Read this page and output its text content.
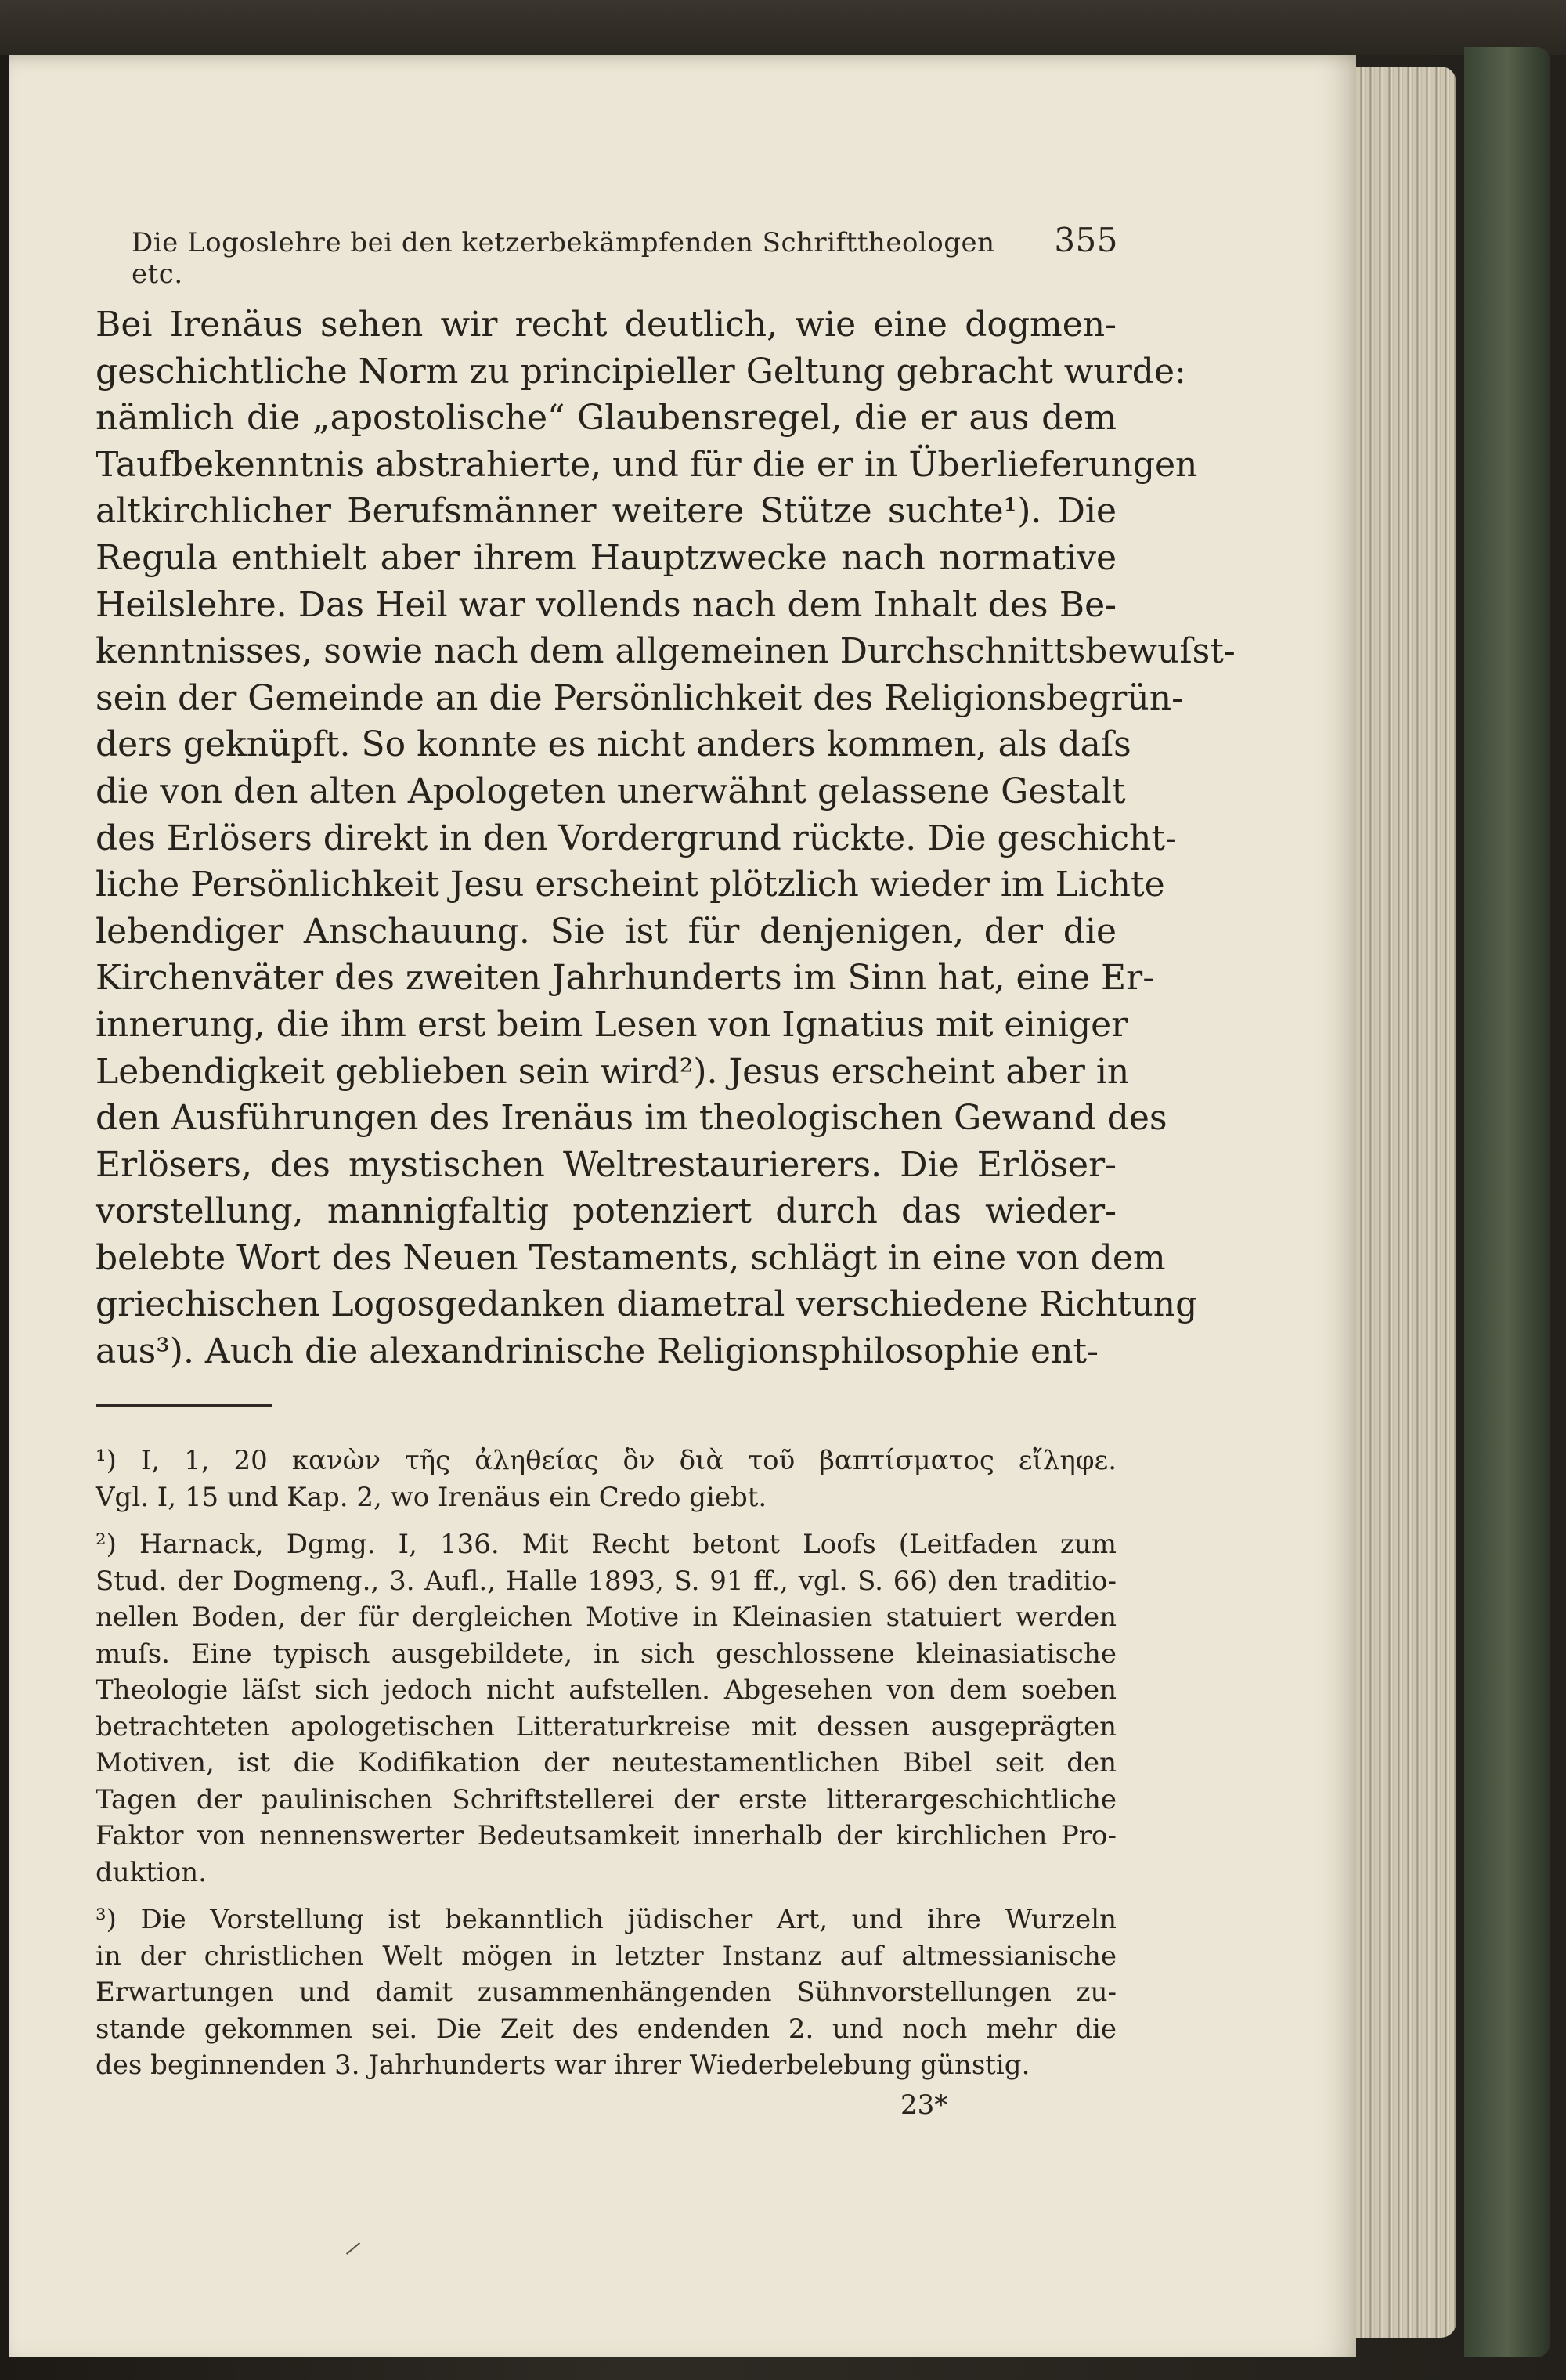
Die Logoslehre bei den ketzerbekämpfenden Schrifttheologen etc.
355
Bei Irenäus sehen wir recht deutlich, wie eine dogmen-
geschichtliche Norm zu principieller Geltung gebracht wurde:
nämlich die „apostolische“ Glaubensregel, die er aus dem
Taufbekenntnis abstrahierte, und für die er in Überlieferungen
altkirchlicher Berufsmänner weitere Stütze suchte¹). Die
Regula enthielt aber ihrem Hauptzwecke nach normative
Heilslehre. Das Heil war vollends nach dem Inhalt des Be-
kenntnisses, sowie nach dem allgemeinen Durchschnittsbewuſst-
sein der Gemeinde an die Persönlichkeit des Religionsbegrün-
ders geknüpft. So konnte es nicht anders kommen, als daſs
die von den alten Apologeten unerwähnt gelassene Gestalt
des Erlösers direkt in den Vordergrund rückte. Die geschicht-
liche Persönlichkeit Jesu erscheint plötzlich wieder im Lichte
lebendiger Anschauung. Sie ist für denjenigen, der die
Kirchenväter des zweiten Jahrhunderts im Sinn hat, eine Er-
innerung, die ihm erst beim Lesen von Ignatius mit einiger
Lebendigkeit geblieben sein wird²). Jesus erscheint aber in
den Ausführungen des Irenäus im theologischen Gewand des
Erlösers, des mystischen Weltrestaurierers. Die Erlöser-
vorstellung, mannigfaltig potenziert durch das wieder-
belebte Wort des Neuen Testaments, schlägt in eine von dem
griechischen Logosgedanken diametral verschiedene Richtung
aus³). Auch die alexandrinische Religionsphilosophie ent-
¹) I, 1, 20 κανὼν τῆς ἀληθείας ὃν διὰ τοῦ βαπτίσματος εἴληφε.
Vgl. I, 15 und Kap. 2, wo Irenäus ein Credo giebt.
²) Harnack, Dgmg. I, 136. Mit Recht betont Loofs (Leitfaden zum
Stud. der Dogmeng., 3. Aufl., Halle 1893, S. 91 ff., vgl. S. 66) den traditio-
nellen Boden, der für dergleichen Motive in Kleinasien statuiert werden
muſs. Eine typisch ausgebildete, in sich geschlossene kleinasiatische
Theologie läſst sich jedoch nicht aufstellen. Abgesehen von dem soeben
betrachteten apologetischen Litteraturkreise mit dessen ausgeprägten
Motiven, ist die Kodifikation der neutestamentlichen Bibel seit den
Tagen der paulinischen Schriftstellerei der erste litterargeschichtliche
Faktor von nennenswerter Bedeutsamkeit innerhalb der kirchlichen Pro-
duktion.
³) Die Vorstellung ist bekanntlich jüdischer Art, und ihre Wurzeln
in der christlichen Welt mögen in letzter Instanz auf altmessianische
Erwartungen und damit zusammenhängenden Sühnvorstellungen zu-
stande gekommen sei. Die Zeit des endenden 2. und noch mehr die
des beginnenden 3. Jahrhunderts war ihrer Wiederbelebung günstig.
23*
